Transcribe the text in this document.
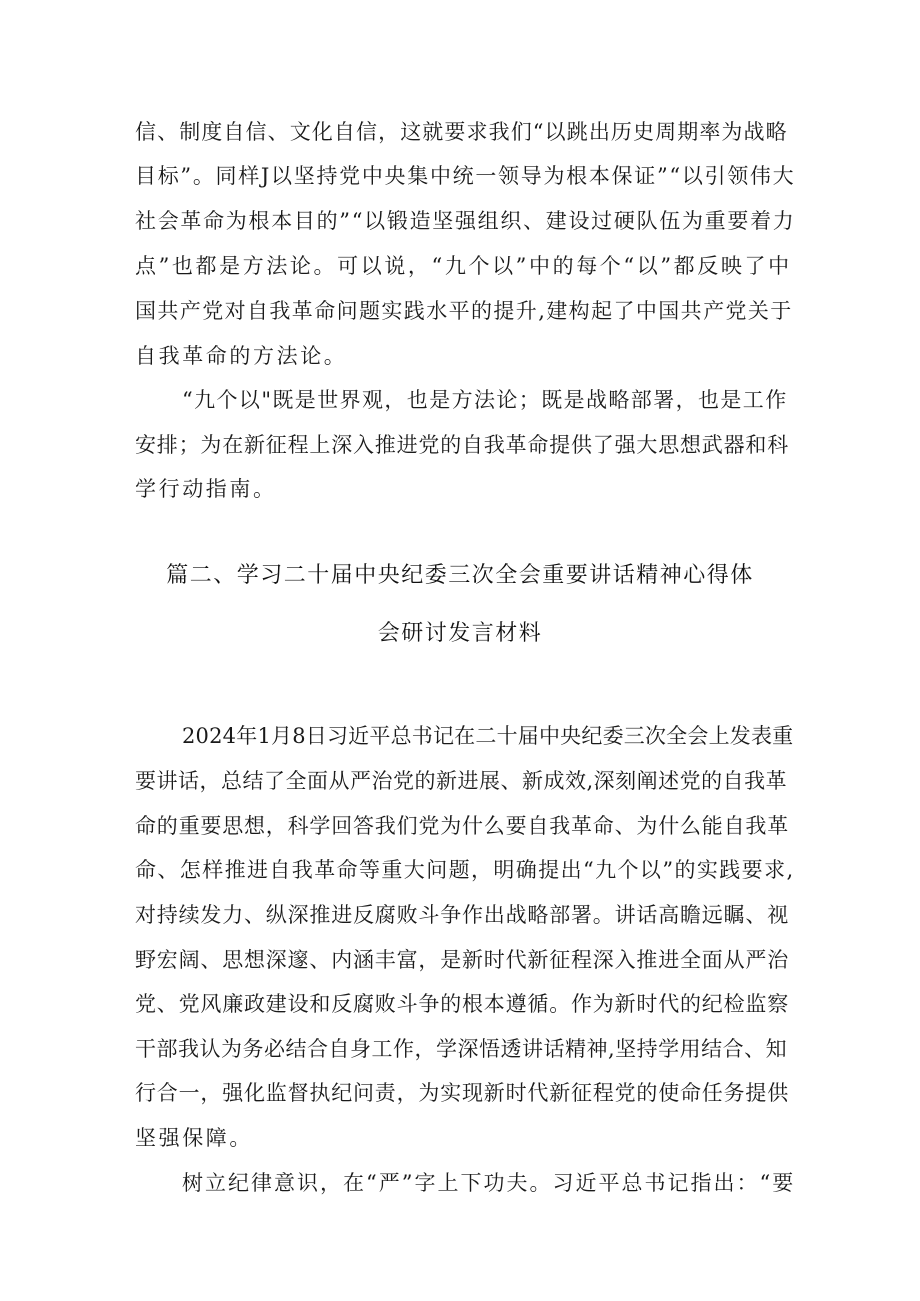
信、制度自信、文化自信，这就要求我们“以跳出历史周期率为战略
目标”。同样J以坚持党中央集中统一领导为根本保证”“以引领伟大
社会革命为根本目的”“以锻造坚强组织、建设过硬队伍为重要着力
点”也都是方法论。可以说，“九个以”中的每个“以”都反映了中
国共产党对自我革命问题实践水平的提升,建构起了中国共产党关于
自我革命的方法论。
“九个以"既是世界观，也是方法论；既是战略部署，也是工作
安排；为在新征程上深入推进党的自我革命提供了强大思想武器和科
学行动指南。
篇二、学习二十届中央纪委三次全会重要讲话精神心得体
会研讨发言材料
2024年1月8日习近平总书记在二十届中央纪委三次全会上发表重
要讲话，总结了全面从严治党的新进展、新成效,深刻阐述党的自我革
命的重要思想，科学回答我们党为什么要自我革命、为什么能自我革
命、怎样推进自我革命等重大问题，明确提出“九个以”的实践要求,
对持续发力、纵深推进反腐败斗争作出战略部署。讲话高瞻远瞩、视
野宏阔、思想深邃、内涵丰富，是新时代新征程深入推进全面从严治
党、党风廉政建设和反腐败斗争的根本遵循。作为新时代的纪检监察
干部我认为务必结合自身工作，学深悟透讲话精神,坚持学用结合、知
行合一，强化监督执纪问责，为实现新时代新征程党的使命任务提供
坚强保障。
树立纪律意识，在“严”字上下功夫。习近平总书记指出：“要
